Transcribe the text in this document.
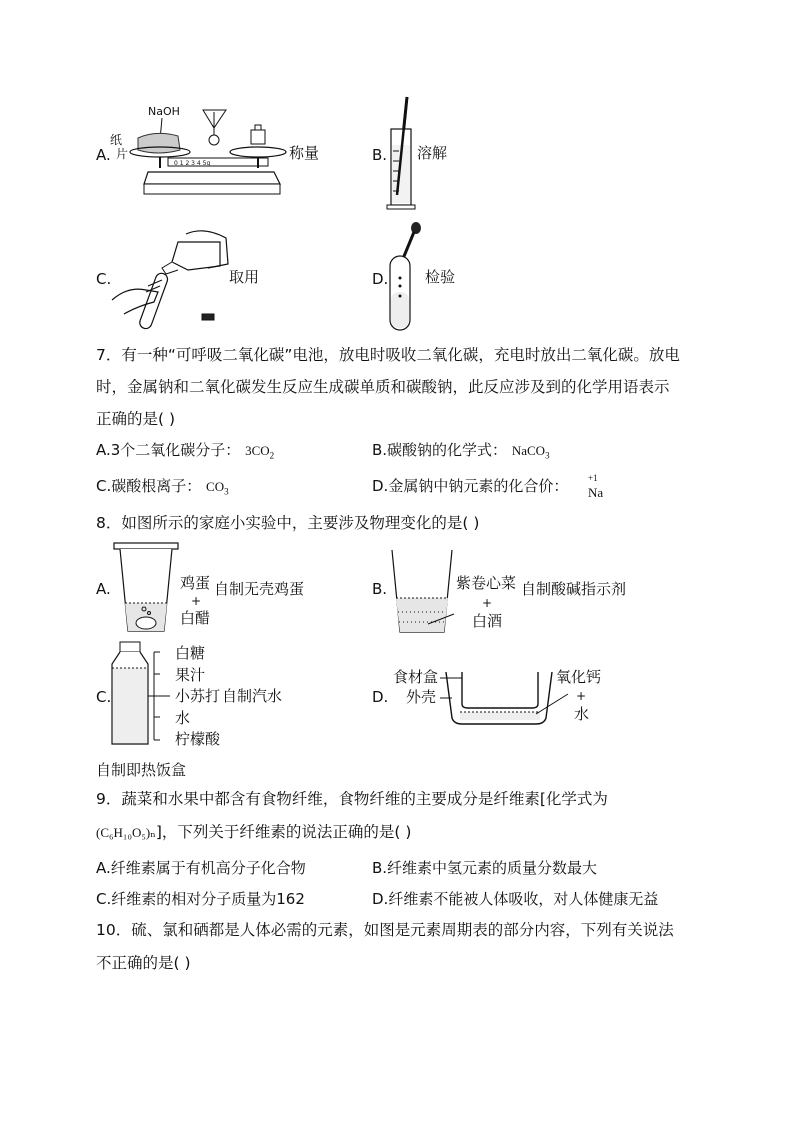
A.
NaOH
纸
片
0 1 2 3 4 5g
称量	B. 溶解
C.	取用	D. 检验
7．有一种“可呼吸二氧化碳”电池，放电时吸收二氧化碳，充电时放出二氧化碳。放电
时，金属钠和二氧化碳发生反应生成碳单质和碳酸钠，此反应涉及到的化学用语表示
正确的是( )
A.3个二氧化碳分子： $3CO_2$	B.碳酸钠的化学式： NaCO$_3$
C.碳酸根离子： $CO_3$	D.金属钠中钠元素的化合价： +1
Na
8．如图所示的家庭小实验中，主要涉及物理变化的是( )
A.	鸡蛋
+
白醋
自制无壳鸡蛋	B.	紫卷心菜
+
白酒
自制酸碱指示剂
C.
白糖
果汁
小苏打
水
柠檬酸
自制汽水	D.
食材盒
外壳
氧化钙
+
水
自制即热饭盒
9．蔬菜和水果中都含有食物纤维，食物纤维的主要成分是纤维素[化学式为
(C₆H₁₀O₅)ₙ]，下列关于纤维素的说法正确的是( )
A.纤维素属于有机高分子化合物	B.纤维素中氢元素的质量分数最大
C.纤维素的相对分子质量为162	D.纤维素不能被人体吸收，对人体健康无益
10．硫、氯和硒都是人体必需的元素，如图是元素周期表的部分内容，下列有关说法
不正确的是( )
